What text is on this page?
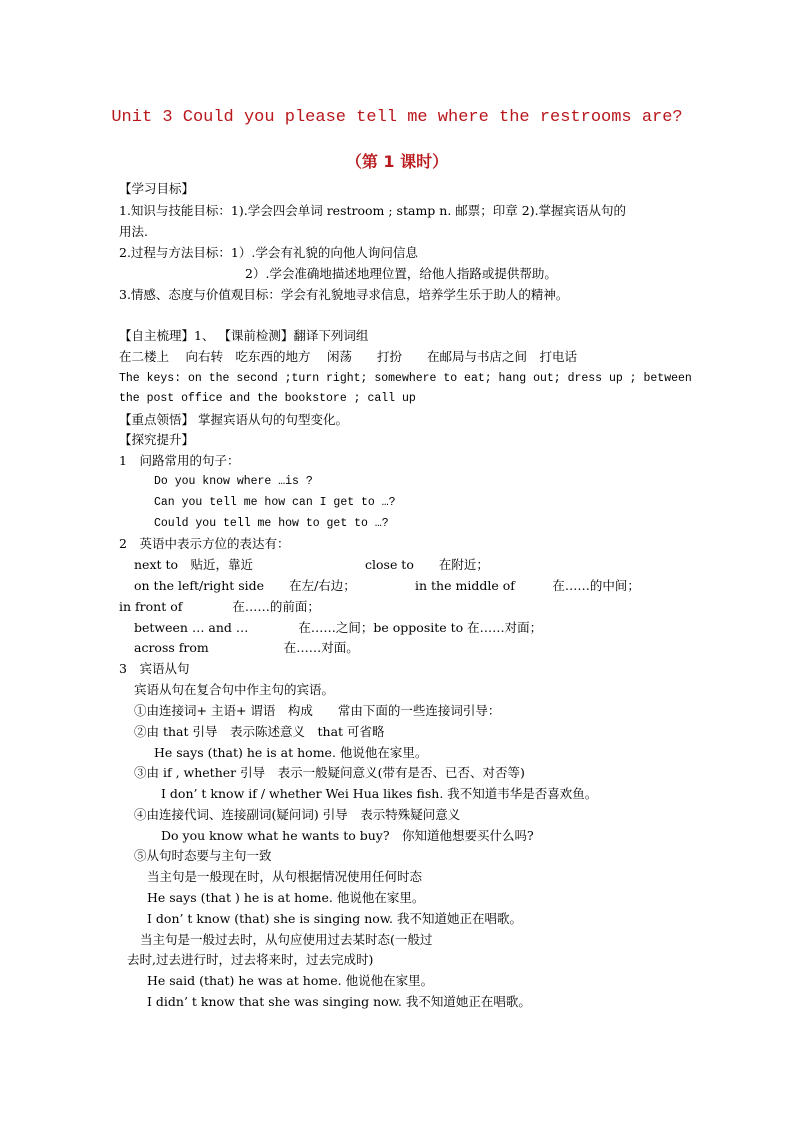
Unit 3 Could you please tell me where the restrooms are?
（第 1 课时）
【学习目标】
1.知识与技能目标：1).学会四会单词 restroom ; stamp n. 邮票；印章 2).掌握宾语从句的
用法.
2.过程与方法目标：1）.学会有礼貌的向他人询问信息
2）.学会准确地描述地理位置，给他人指路或提供帮助。
3.情感、态度与价值观目标：学会有礼貌地寻求信息，培养学生乐于助人的精神。
【自主梳理】1、 【课前检测】翻译下列词组
在二楼上　 向右转　吃东西的地方　 闲荡　　打扮　　在邮局与书店之间　打电话
The keys: on the second ;turn right; somewhere to eat; hang out; dress up ; between
the post office and the bookstore ; call up
【重点领悟】 掌握宾语从句的句型变化。
【探究提升】
1　问路常用的句子：
Do you know where …is ?
Can you tell me how can I get to …?
Could you tell me how to get to …?
2　英语中表示方位的表达有：
next to　贴近，靠近	close to　　在附近；
on the left/right side　　在左/右边；	in the middle of　　　在……的中间；
in front of　　　　在……的前面；
between … and …　　　　在……之间；be opposite to 在……对面；
across from　　　　　　在……对面。
3　宾语从句
宾语从句在复合句中作主句的宾语。
①由连接词+ 主语+ 谓语　构成　　常由下面的一些连接词引导：
②由 that 引导　表示陈述意义　that 可省略
He says (that) he is at home. 他说他在家里。
③由 if , whether 引导　表示一般疑问意义(带有是否、已否、对否等)
I don’ t know if / whether Wei Hua likes fish. 我不知道韦华是否喜欢鱼。
④由连接代词、连接副词(疑问词) 引导　表示特殊疑问意义
Do you know what he wants to buy?　你知道他想要买什么吗?
⑤从句时态要与主句一致
当主句是一般现在时，从句根据情况使用任何时态
He says (that ) he is at home. 他说他在家里。
I don’ t know (that) she is singing now. 我不知道她正在唱歌。
当主句是一般过去时，从句应使用过去某时态(一般过
去时,过去进行时，过去将来时，过去完成时)
He said (that) he was at home. 他说他在家里。
I didn’ t know that she was singing now. 我不知道她正在唱歌。
